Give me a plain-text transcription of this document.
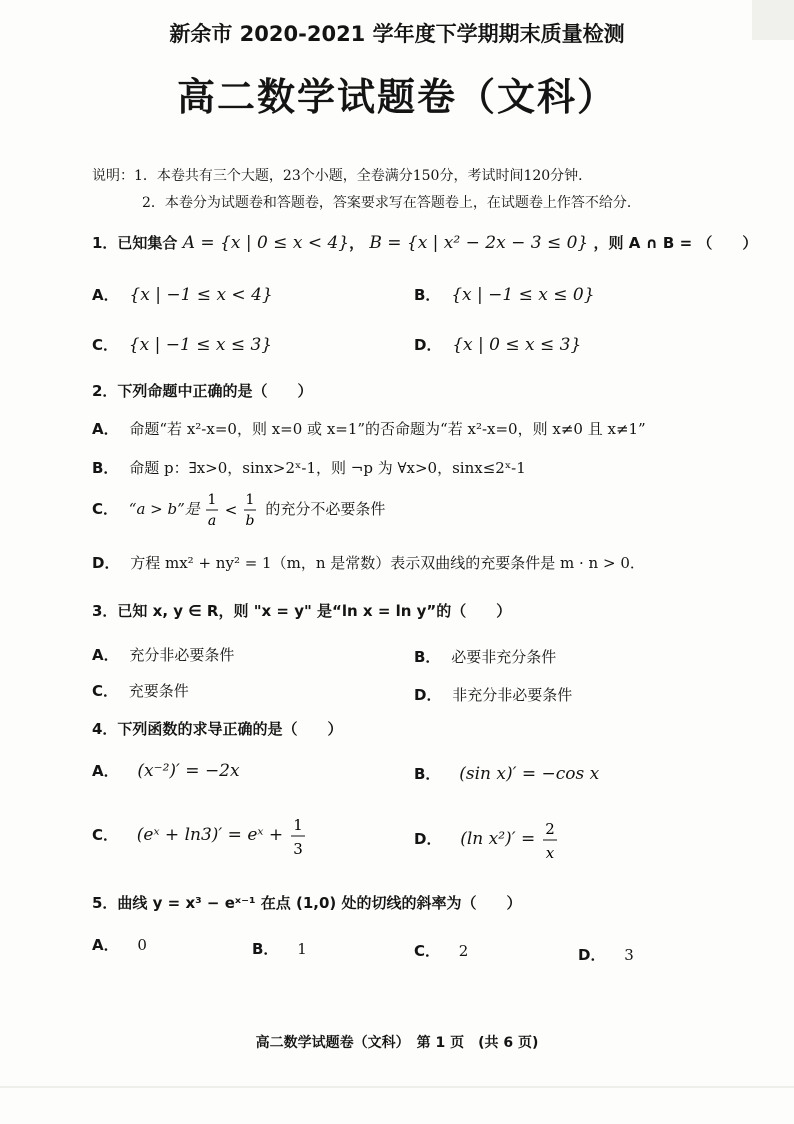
新余市 2020-2021 学年度下学期期末质量检测
高二数学试题卷（文科）
说明：1．本卷共有三个大题，23个小题，全卷满分150分，考试时间120分钟．
2．本卷分为试题卷和答题卷，答案要求写在答题卷上，在试题卷上作答不给分．
1．已知集合 A = {x | 0 ≤ x < 4}， B = {x | x² − 2x − 3 ≤ 0} ，则 A ∩ B = （　　）
A． {x | −1 ≤ x < 4}	B． {x | −1 ≤ x ≤ 0}
C． {x | −1 ≤ x ≤ 3}	D． {x | 0 ≤ x ≤ 3}
2．下列命题中正确的是（　　）
A． 命题“若 x²-x=0，则 x=0 或 x=1”的否命题为“若 x²-x=0，则 x≠0 且 x≠1”
B． 命题 p：∃x>0，sinx>2ˣ-1，则 ¬p 为 ∀x>0，sinx≤2ˣ-1
C． “a > b”是 1
a
<
1
b
的充分不必要条件
D． 方程 mx² + ny² = 1（m，n 是常数）表示双曲线的充要条件是 m · n > 0．
3．已知 x, y ∈ R，则 "x = y" 是“ln x = ln y”的（　　）
A． 充分非必要条件	B． 必要非充分条件
C． 充要条件	D． 非充分非必要条件
4．下列函数的求导正确的是（　　）
A． (x⁻²)′ = −2x	B． (sin x)′ = −cos x
C． (eˣ + ln3)′ = eˣ + 1
3
D． (ln x²)′ = 2
x
5．曲线 y = x³ − eˣ⁻¹ 在点 (1,0) 处的切线的斜率为（　　）
A． 0	B． 1	C． 2	D． 3
高二数学试题卷（文科）　第 1 页　(共 6 页)
